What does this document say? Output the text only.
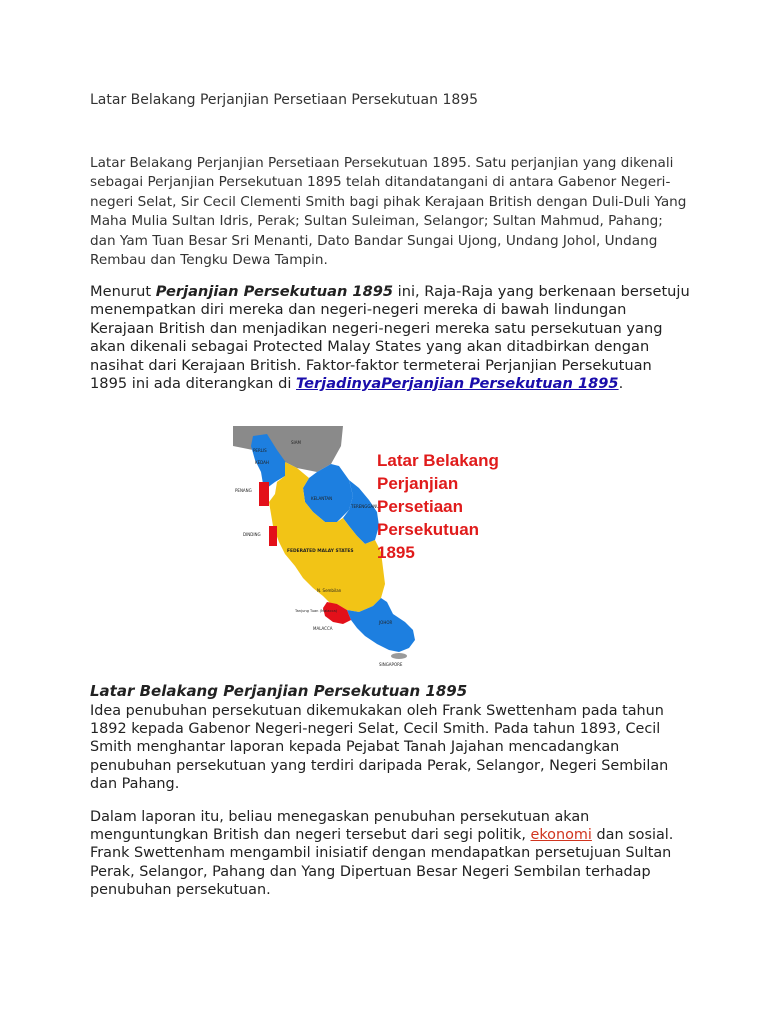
Latar Belakang Perjanjian Persetiaan Persekutuan 1895
Latar Belakang Perjanjian Persetiaan Persekutuan 1895. Satu perjanjian yang dikenali sebagai Perjanjian Persekutuan 1895 telah ditandatangani di antara Gabenor Negeri-negeri Selat, Sir Cecil Clementi Smith bagi pihak Kerajaan British dengan Duli-Duli Yang Maha Mulia Sultan Idris, Perak; Sultan Suleiman, Selangor; Sultan Mahmud, Pahang; dan Yam Tuan Besar Sri Menanti, Dato Bandar Sungai Ujong, Undang Johol, Undang Rembau dan Tengku Dewa Tampin.
Menurut Perjanjian Persekutuan 1895 ini, Raja-Raja yang berkenaan bersetuju menempatkan diri mereka dan negeri-negeri mereka di bawah lindungan Kerajaan British dan menjadikan negeri-negeri mereka satu persekutuan yang akan dikenali sebagai Protected Malay States yang akan ditadbirkan dengan nasihat dari Kerajaan British. Faktor-faktor termeterai Perjanjian Persekutuan 1895 ini ada diterangkan di TerjadinyaPerjanjian Persekutuan 1895.
SIAM
PERLIS
KEDAH
PENANG
KELANTAN
TERENGGANU
DINDING
FEDERATED MALAY STATES
N. Sembilan
Tanjung Tuan (Malacca)
MALACCA
JOHOR
SINGAPORE
Latar Belakang
Perjanjian
Persetiaan
Persekutuan
1895
Latar Belakang Perjanjian Persekutuan 1895
Idea penubuhan persekutuan dikemukakan oleh Frank Swettenham pada tahun 1892 kepada Gabenor Negeri-negeri Selat, Cecil Smith. Pada tahun 1893, Cecil Smith menghantar laporan kepada Pejabat Tanah Jajahan mencadangkan penubuhan persekutuan yang terdiri daripada Perak, Selangor, Negeri Sembilan dan Pahang.
Dalam laporan itu, beliau menegaskan penubuhan persekutuan akan menguntungkan British dan negeri tersebut dari segi politik, ekonomi dan sosial. Frank Swettenham mengambil inisiatif dengan mendapatkan persetujuan Sultan Perak, Selangor, Pahang dan Yang Dipertuan Besar Negeri Sembilan terhadap penubuhan persekutuan.
